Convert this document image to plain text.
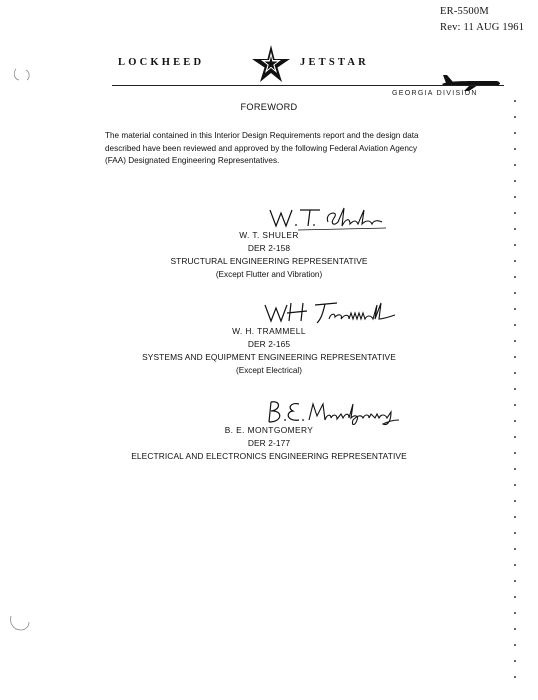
ER-5500M
Rev: 11 AUG 1961
LOCKHEED	JETSTAR
GEORGIA DIVISION
FOREWORD
The material contained in this Interior Design Requirements report and the design data
described have been reviewed and approved by the following Federal Aviation Agency
(FAA) Designated Engineering Representatives.
W. T. SHULER
DER 2-158
STRUCTURAL ENGINEERING REPRESENTATIVE
(Except Flutter and Vibration)
W. H. TRAMMELL
DER 2-165
SYSTEMS AND EQUIPMENT ENGINEERING REPRESENTATIVE
(Except Electrical)
B. E. MONTGOMERY
DER 2-177
ELECTRICAL AND ELECTRONICS ENGINEERING REPRESENTATIVE
